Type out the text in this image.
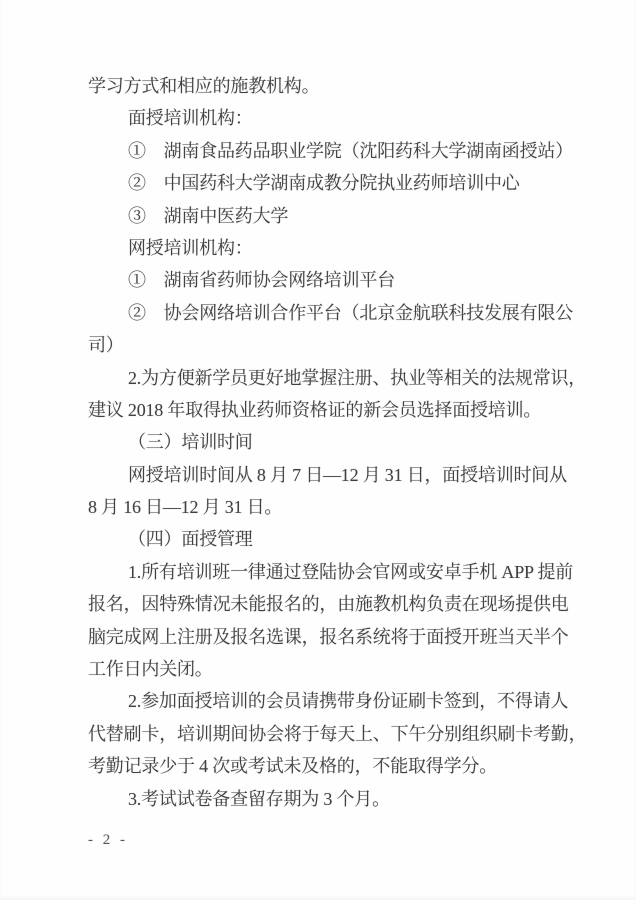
学习方式和相应的施教机构。
面授培训机构：
①　湖南食品药品职业学院（沈阳药科大学湖南函授站）
②　中国药科大学湖南成教分院执业药师培训中心
③　湖南中医药大学
网授培训机构：
①　湖南省药师协会网络培训平台
②　协会网络培训合作平台（北京金航联科技发展有限公
司）
2.为方便新学员更好地掌握注册、执业等相关的法规常识，
建议 2018 年取得执业药师资格证的新会员选择面授培训。
（三）培训时间
网授培训时间从 8 月 7 日—12 月 31 日，面授培训时间从
8 月 16 日—12 月 31 日。
（四）面授管理
1.所有培训班一律通过登陆协会官网或安卓手机 APP 提前
报名，因特殊情况未能报名的，由施教机构负责在现场提供电
脑完成网上注册及报名选课，报名系统将于面授开班当天半个
工作日内关闭。
2.参加面授培训的会员请携带身份证刷卡签到，不得请人
代替刷卡，培训期间协会将于每天上、下午分别组织刷卡考勤，
考勤记录少于 4 次或考试未及格的，不能取得学分。
3.考试试卷备查留存期为 3 个月。
- 2 -
